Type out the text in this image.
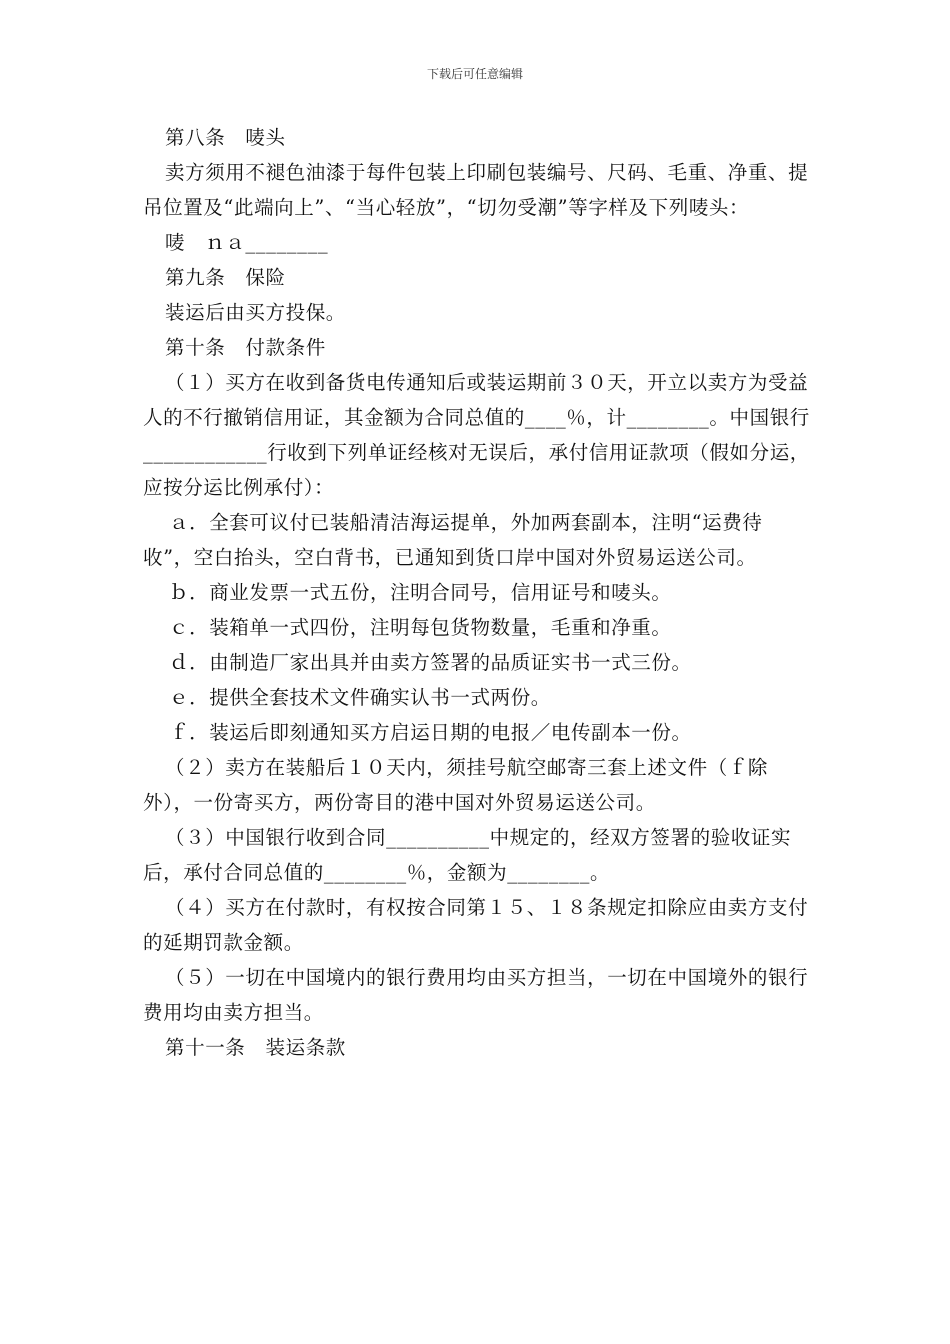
下载后可任意编辑

第八条　唛头

卖方须用不褪色油漆于每件包装上印刷包装编号、尺码、毛重、净重、提吊位置及“此端向上”、“当心轻放”，“切勿受潮”等字样及下列唛头：

唛　ｎａ________

第九条　保险

装运后由买方投保。

第十条　付款条件

（１）买方在收到备货电传通知后或装运期前３０天，开立以卖方为受益人的不行撤销信用证，其金额为合同总值的____％，计________。中国银行____________行收到下列单证经核对无误后，承付信用证款项（假如分运，应按分运比例承付）：

ａ．全套可议付已装船清洁海运提单，外加两套副本，注明“运费待收”，空白抬头，空白背书，已通知到货口岸中国对外贸易运送公司。

ｂ．商业发票一式五份，注明合同号，信用证号和唛头。

ｃ．装箱单一式四份，注明每包货物数量，毛重和净重。

ｄ．由制造厂家出具并由卖方签署的品质证实书一式三份。

ｅ．提供全套技术文件确实认书一式两份。

ｆ．装运后即刻通知买方启运日期的电报／电传副本一份。

（２）卖方在装船后１０天内，须挂号航空邮寄三套上述文件（ｆ除外），一份寄买方，两份寄目的港中国对外贸易运送公司。

（３）中国银行收到合同__________中规定的，经双方签署的验收证实后，承付合同总值的________％，金额为________。

（４）买方在付款时，有权按合同第１５、１８条规定扣除应由卖方支付的延期罚款金额。

（５）一切在中国境内的银行费用均由买方担当，一切在中国境外的银行费用均由卖方担当。

第十一条　装运条款
